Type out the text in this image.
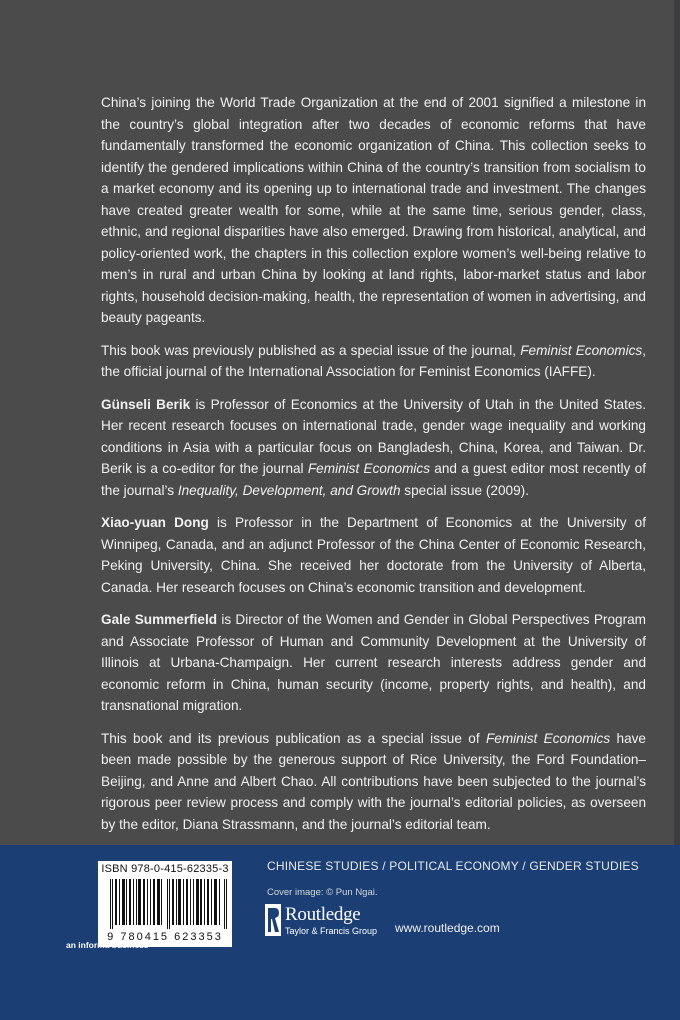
China’s joining the World Trade Organization at the end of 2001 signified a milestone in the country’s global integration after two decades of economic reforms that have fundamentally transformed the economic organization of China. This collection seeks to identify the gendered implications within China of the country’s transition from socialism to a market economy and its opening up to international trade and investment. The changes have created greater wealth for some, while at the same time, serious gender, class, ethnic, and regional disparities have also emerged. Drawing from historical, analytical, and policy-oriented work, the chapters in this collection explore women’s well-being relative to men’s in rural and urban China by looking at land rights, labor-market status and labor rights, household decision-making, health, the representation of women in advertising, and beauty pageants.

This book was previously published as a special issue of the journal, Feminist Economics, the official journal of the International Association for Feminist Economics (IAFFE).

Günseli Berik is Professor of Economics at the University of Utah in the United States. Her recent research focuses on international trade, gender wage inequality and working conditions in Asia with a particular focus on Bangladesh, China, Korea, and Taiwan. Dr. Berik is a co-editor for the journal Feminist Economics and a guest editor most recently of the journal’s Inequality, Development, and Growth special issue (2009).

Xiao-yuan Dong is Professor in the Department of Economics at the University of Winnipeg, Canada, and an adjunct Professor of the China Center of Economic Research, Peking University, China. She received her doctorate from the University of Alberta, Canada. Her research focuses on China’s economic transition and development.

Gale Summerfield is Director of the Women and Gender in Global Perspectives Program and Associate Professor of Human and Community Development at the University of Illinois at Urbana-Champaign. Her current research interests address gender and economic reform in China, human security (income, property rights, and health), and transnational migration.

This book and its previous publication as a special issue of Feminist Economics have been made possible by the generous support of Rice University, the Ford Foundation–Beijing, and Anne and Albert Chao. All contributions have been subjected to the journal’s rigorous peer review process and comply with the journal’s editorial policies, as overseen by the editor, Diana Strassmann, and the journal’s editorial team.

ISBN 978-0-415-62335-3
9 780415 623353
CHINESE STUDIES / POLITICAL ECONOMY / GENDER STUDIES
Cover image: © Pun Ngai.
Routledge
Taylor & Francis Group www.routledge.com
an informa business
